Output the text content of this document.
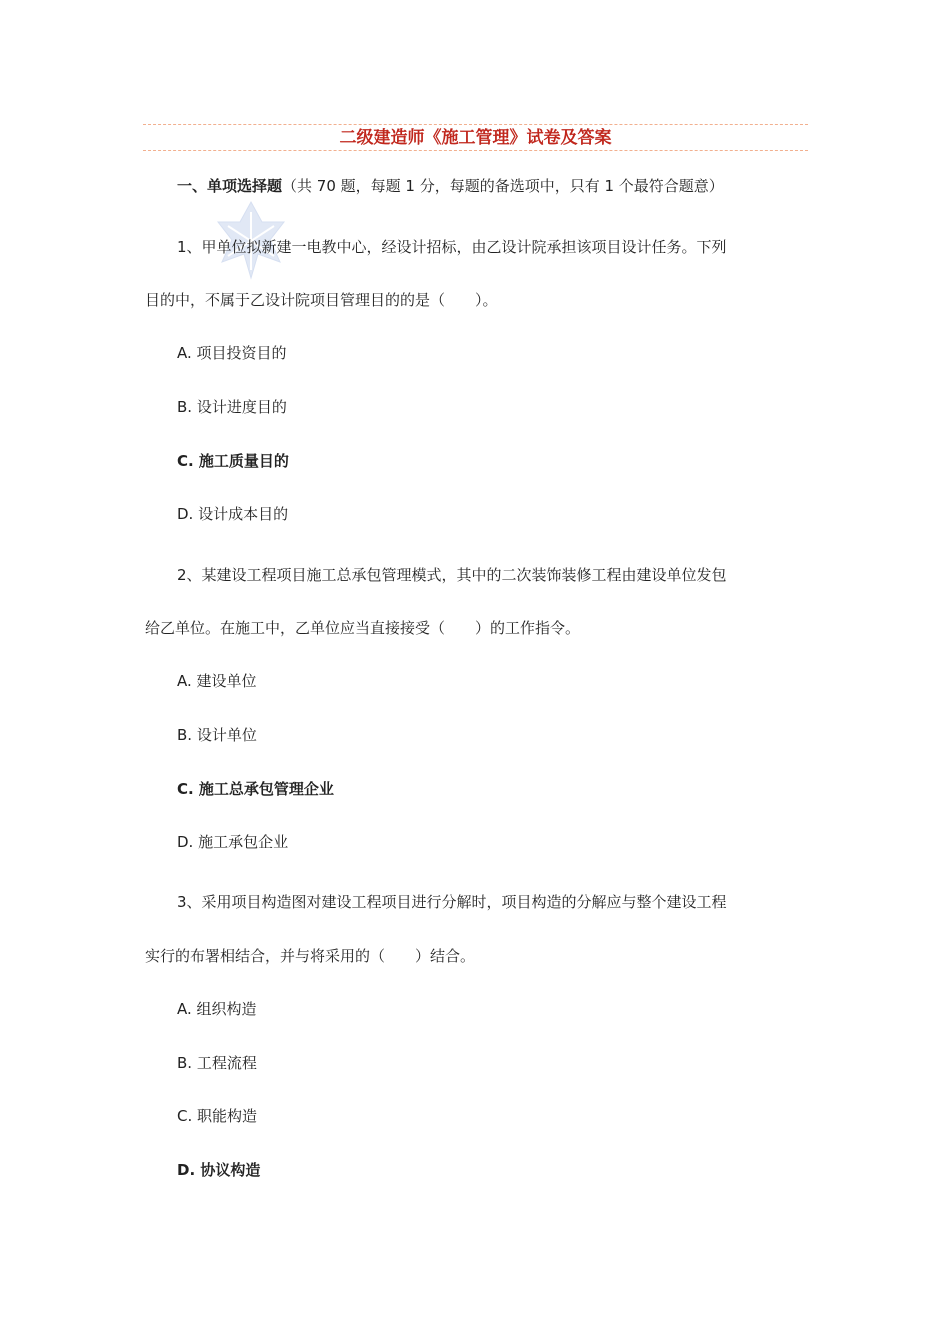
二级建造师《施工管理》试卷及答案
一、单项选择题（共 70 题，每题 1 分，每题的备选项中，只有 1 个最符合题意）
1、甲单位拟新建一电教中心，经设计招标，由乙设计院承担该项目设计任务。下列
目的中，不属于乙设计院项目管理目的的是（　　）。
A. 项目投资目的
B. 设计进度目的
C. 施工质量目的
D. 设计成本目的
2、某建设工程项目施工总承包管理模式，其中的二次装饰装修工程由建设单位发包
给乙单位。在施工中，乙单位应当直接接受（　　）的工作指令。
A. 建设单位
B. 设计单位
C. 施工总承包管理企业
D. 施工承包企业
3、采用项目构造图对建设工程项目进行分解时，项目构造的分解应与整个建设工程
实行的布署相结合，并与将采用的（　　）结合。
A. 组织构造
B. 工程流程
C. 职能构造
D. 协议构造
